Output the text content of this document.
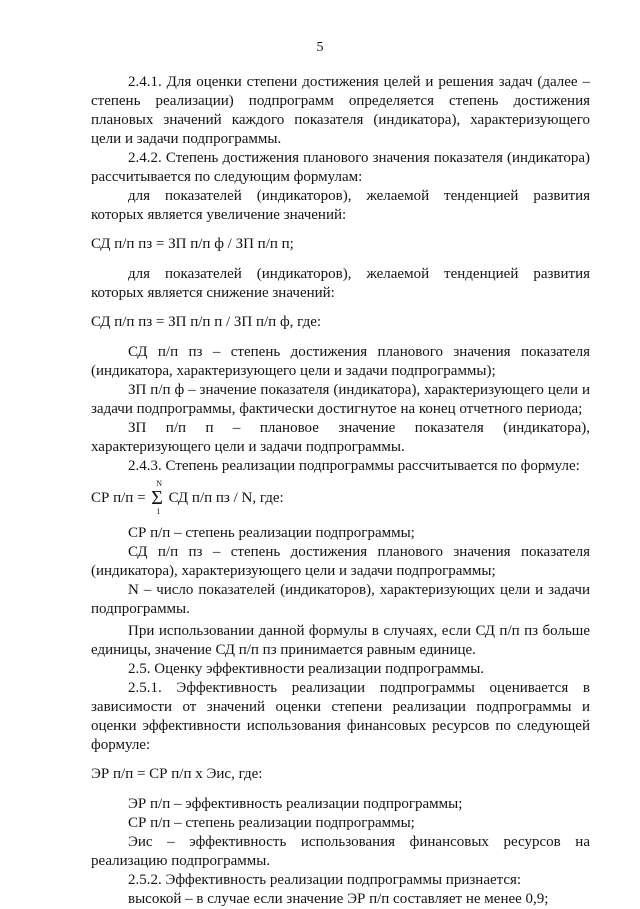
5

2.4.1. Для оценки степени достижения целей и решения задач (далее –

степень реализации) подпрограмм определяется степень достижения плановых значений каждого показателя (индикатора), характеризующего цели и задачи подпрограммы.

2.4.2. Степень достижения планового значения показателя (индикатора) рассчитывается по следующим формулам:

для показателей (индикаторов), желаемой тенденцией развития которых является увеличение значений:

СД п/п пз = ЗП п/п ф / ЗП п/п п;

для показателей (индикаторов), желаемой тенденцией развития которых является снижение значений:

СД п/п пз = ЗП п/п п / ЗП п/п ф, где:

СД п/п пз – степень достижения планового значения показателя (индикатора, характеризующего цели и задачи подпрограммы);

ЗП п/п ф – значение показателя (индикатора), характеризующего цели и задачи подпрограммы, фактически достигнутое на конец отчетного периода;

ЗП п/п п – плановое значение показателя (индикатора), характеризующего цели и задачи подпрограммы.

2.4.3. Степень реализации подпрограммы рассчитывается по формуле:

СР п/п =
N
Σ
1
СД п/п пз / N, где:

СР п/п – степень реализации подпрограммы;

СД п/п пз – степень достижения планового значения показателя (индикатора), характеризующего цели и задачи подпрограммы;

N – число показателей (индикаторов), характеризующих цели и задачи подпрограммы.

При использовании данной формулы в случаях, если СД п/п пз больше единицы, значение СД п/п пз принимается равным единице.

2.5. Оценку эффективности реализации подпрограммы.

2.5.1. Эффективность реализации подпрограммы оценивается в зависимости от значений оценки степени реализации подпрограммы и оценки эффективности использования финансовых ресурсов по следующей формуле:

ЭР п/п = СР п/п х Эис, где:

ЭР п/п – эффективность реализации подпрограммы;

СР п/п – степень реализации подпрограммы;

Эис – эффективность использования финансовых ресурсов на реализацию подпрограммы.

2.5.2. Эффективность реализации подпрограммы признается:

высокой – в случае если значение ЭР п/п составляет не менее 0,9;
